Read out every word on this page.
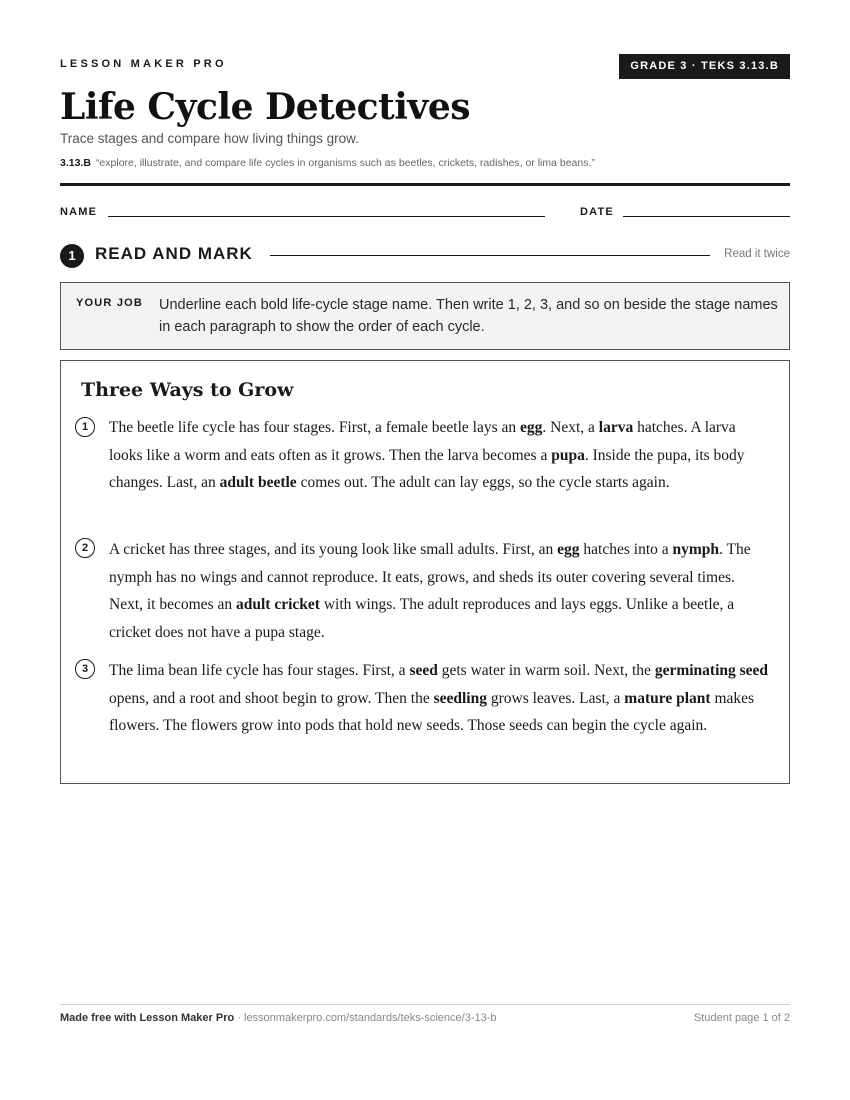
LESSON MAKER PRO	GRADE 3 · TEKS 3.13.B
Life Cycle Detectives
Trace stages and compare how living things grow.
3.13.B “explore, illustrate, and compare life cycles in organisms such as beetles, crickets, radishes, or lima beans.”
NAME	DATE
1	READ AND MARK	Read it twice
YOUR JOB Underline each bold life-cycle stage name. Then write 1, 2, 3, and so on beside the stage names in each paragraph to show the order of each cycle.
Three Ways to Grow
1	The beetle life cycle has four stages. First, a female beetle lays an egg. Next, a larva hatches. A larva looks like a worm and eats often as it grows. Then the larva becomes a pupa. Inside the pupa, its body changes. Last, an adult beetle comes out. The adult can lay eggs, so the cycle starts again.
2	A cricket has three stages, and its young look like small adults. First, an egg hatches into a nymph. The nymph has no wings and cannot reproduce. It eats, grows, and sheds its outer covering several times. Next, it becomes an adult cricket with wings. The adult reproduces and lays eggs. Unlike a beetle, a cricket does not have a pupa stage.
3	The lima bean life cycle has four stages. First, a seed gets water in warm soil. Next, the germinating seed opens, and a root and shoot begin to grow. Then the seedling grows leaves. Last, a mature plant makes flowers. The flowers grow into pods that hold new seeds. Those seeds can begin the cycle again.
Made free with Lesson Maker Pro · lessonmakerpro.com/standards/teks-science/3-13-b	Student page 1 of 2
